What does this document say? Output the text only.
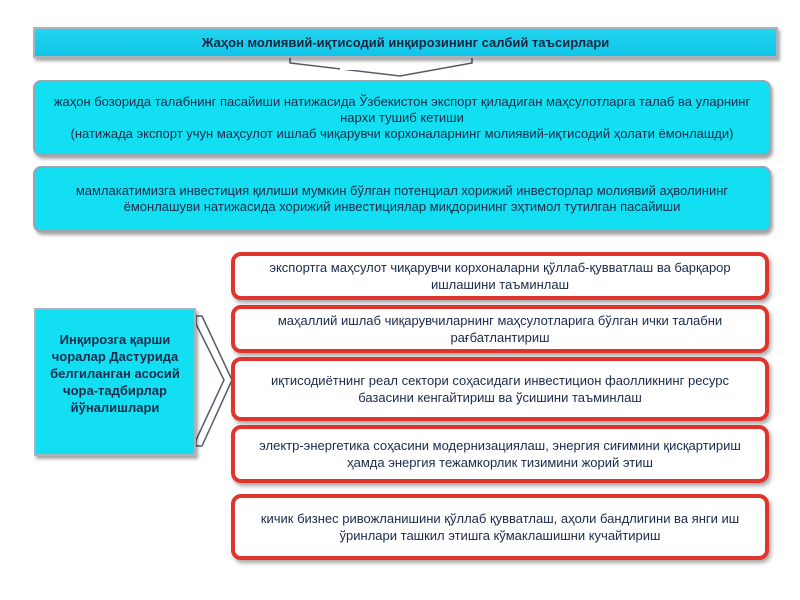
Жаҳон молиявий-иқтисодий инқирозининг салбий таъсирлари
жаҳон бозорида талабнинг пасайиши натижасида Ўзбекистон экспорт қиладиган маҳсулотларга талаб ва уларнинг нархи тушиб кетиши
(натижада экспорт учун маҳсулот ишлаб чиқарувчи корхоналарнинг молиявий-иқтисодий ҳолати ёмонлашди)
мамлакатимизга инвестиция қилиши мумкин бўлган потенциал хорижий инвесторлар молиявий аҳволининг ёмонлашуви натижасида хорижий инвестициялар миқдорининг эҳтимол тутилган пасайиши

Инқирозга қарши чоралар Дастурида белгиланган асосий чора-тадбирлар йўналишлари

экспортга маҳсулот чиқарувчи корхоналарни қўллаб-қувватлаш ва барқарор ишлашини таъминлаш
маҳаллий ишлаб чиқарувчиларнинг маҳсулотларига бўлган ички талабни рағбатлантириш
иқтисодиётнинг реал сектори соҳасидаги инвестицион фаолликнинг ресурс базасини кенгайтириш ва ўсишини таъминлаш
электр-энергетика соҳасини модернизациялаш, энергия сиғимини қисқартириш ҳамда энергия тежамкорлик тизимини жорий этиш
кичик бизнес ривожланишини қўллаб қувватлаш, аҳоли бандлигини ва янги иш ўринлари ташкил этишга кўмаклашишни кучайтириш
